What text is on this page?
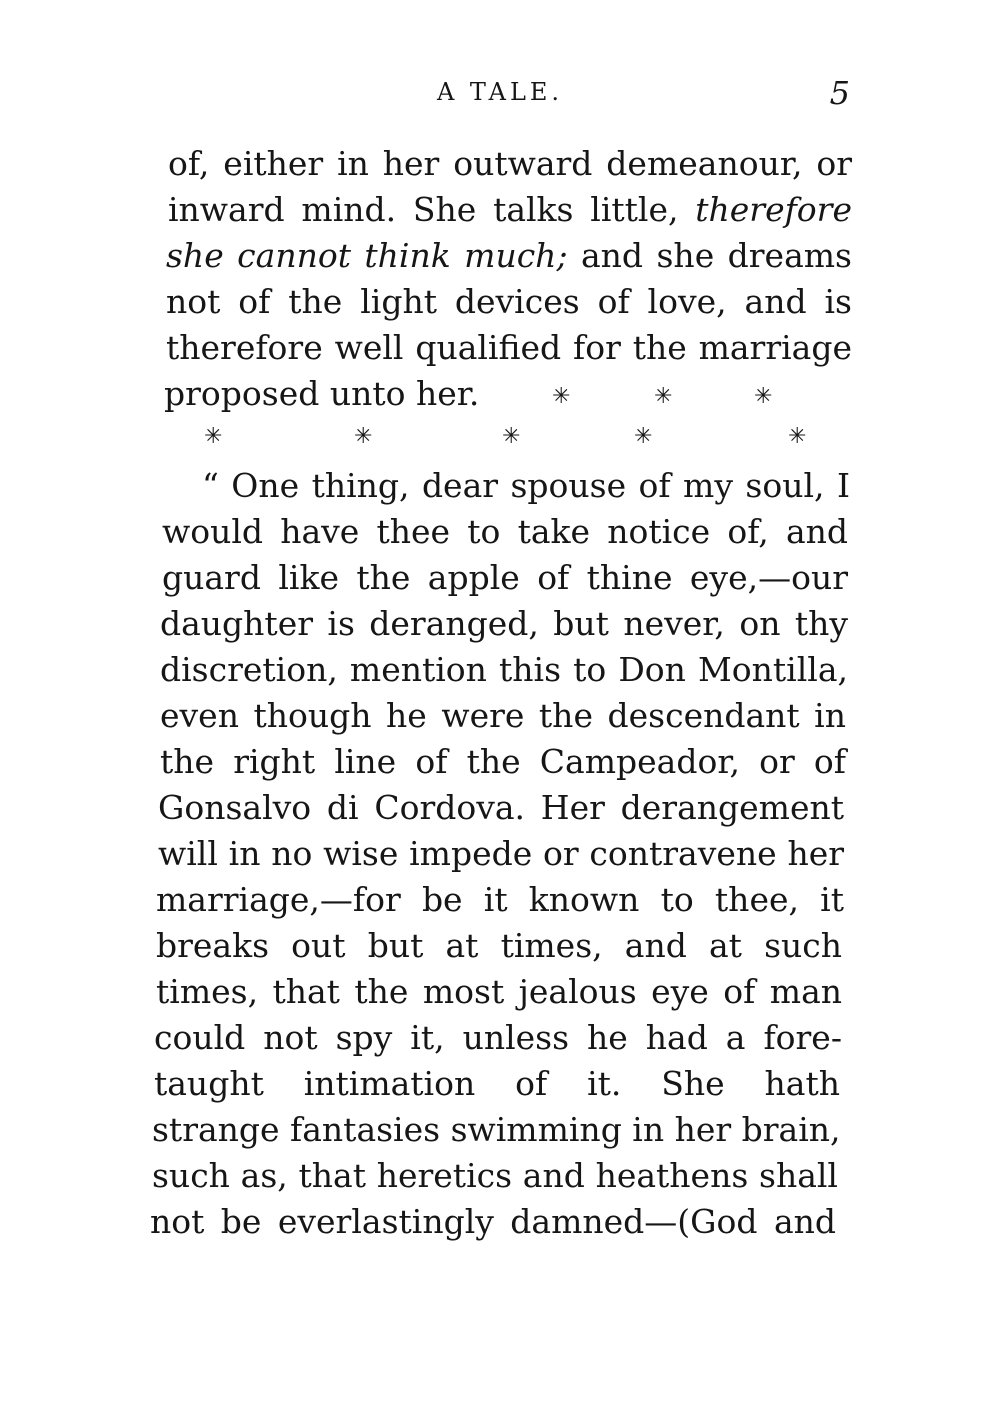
A TALE.	5
of, either in her outward demeanour, or
inward mind. She talks little, therefore
she cannot think much; and she dreams
not of the light devices of love, and is
therefore well qualified for the marriage
proposed unto her.	✳	✳	✳
✳	✳	✳	✳	✳
“ One thing, dear spouse of my soul, I
would have thee to take notice of, and
guard like the apple of thine eye,—our
daughter is deranged, but never, on thy
discretion, mention this to Don Montilla,
even though he were the descendant in
the right line of the Campeador, or of
Gonsalvo di Cordova. Her derangement
will in no wise impede or contravene her
marriage,—for be it known to thee, it
breaks out but at times, and at such
times, that the most jealous eye of man
could not spy it, unless he had a fore-
taught intimation of it. She hath
strange fantasies swimming in her brain,
such as, that heretics and heathens shall
not be everlastingly damned—(God and
